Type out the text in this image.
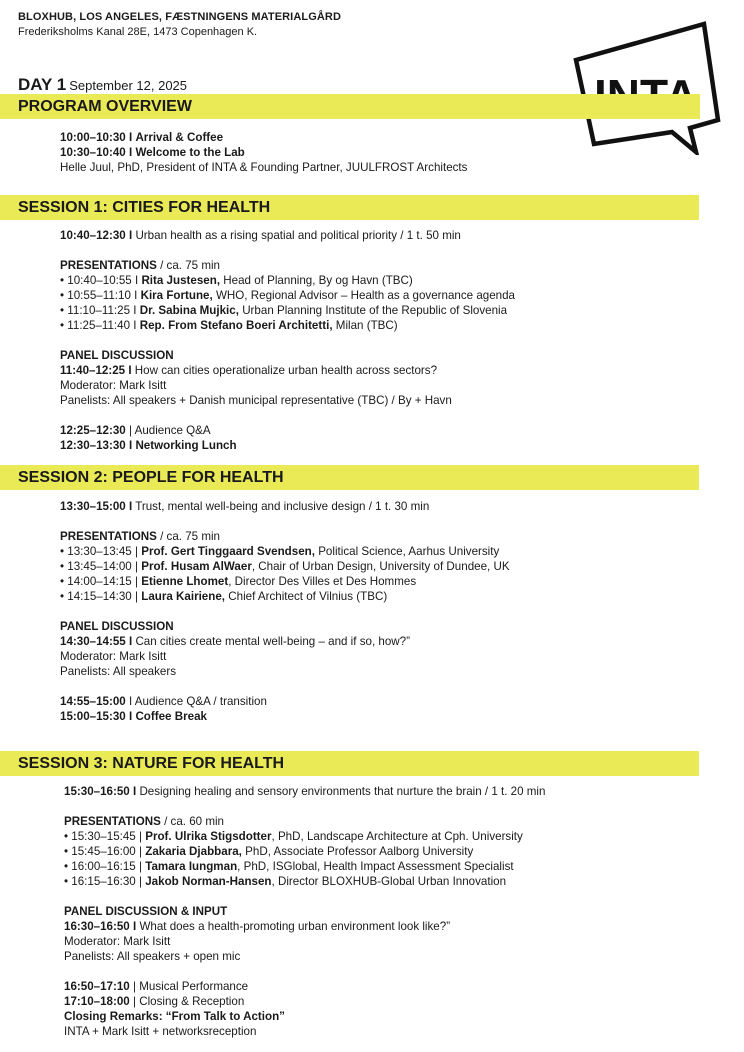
BLOXHUB, LOS ANGELES, FÆSTNINGENS MATERIALGÅRD
Frederiksholms Kanal 28E, 1473 Copenhagen K.
DAY 1 September 12, 2025
PROGRAM OVERVIEW
10:00–10:30 I Arrival & Coffee
10:30–10:40 I Welcome to the Lab
Helle Juul, PhD, President of INTA & Founding Partner, JUULFROST Architects
SESSION 1: CITIES FOR HEALTH
10:40–12:30 I Urban health as a rising spatial and political priority / 1 t. 50 min
PRESENTATIONS / ca. 75 min
• 10:40–10:55 I Rita Justesen, Head of Planning, By og Havn (TBC)
• 10:55–11:10 I Kira Fortune, WHO, Regional Advisor – Health as a governance agenda
• 11:10–11:25 I Dr. Sabina Mujkic, Urban Planning Institute of the Republic of Slovenia
• 11:25–11:40 I Rep. From Stefano Boeri Architetti, Milan (TBC)
PANEL DISCUSSION
11:40–12:25 I How can cities operationalize urban health across sectors?
Moderator: Mark Isitt
Panelists: All speakers + Danish municipal representative (TBC) / By + Havn
12:25–12:30 | Audience Q&A
12:30–13:30 I Networking Lunch
SESSION 2: PEOPLE FOR HEALTH
13:30–15:00 I Trust, mental well-being and inclusive design / 1 t. 30 min
PRESENTATIONS / ca. 75 min
• 13:30–13:45 | Prof. Gert Tinggaard Svendsen, Political Science, Aarhus University
• 13:45–14:00 | Prof. Husam AlWaer, Chair of Urban Design, University of Dundee, UK
• 14:00–14:15 | Etienne Lhomet, Director Des Villes et Des Hommes
• 14:15–14:30 | Laura Kairiene, Chief Architect of Vilnius (TBC)
PANEL DISCUSSION
14:30–14:55 I Can cities create mental well-being – and if so, how?”
Moderator: Mark Isitt
Panelists: All speakers
14:55–15:00 I Audience Q&A / transition
15:00–15:30 I Coffee Break
SESSION 3: NATURE FOR HEALTH
15:30–16:50 I Designing healing and sensory environments that nurture the brain / 1 t. 20 min
PRESENTATIONS / ca. 60 min
• 15:30–15:45 | Prof. Ulrika Stigsdotter, PhD, Landscape Architecture at Cph. University
• 15:45–16:00 | Zakaria Djabbara, PhD, Associate Professor Aalborg University
• 16:00–16:15 | Tamara Iungman, PhD, ISGlobal, Health Impact Assessment Specialist
• 16:15–16:30 | Jakob Norman-Hansen, Director BLOXHUB-Global Urban Innovation
PANEL DISCUSSION & INPUT
16:30–16:50 I What does a health-promoting urban environment look like?”
Moderator: Mark Isitt
Panelists: All speakers + open mic
16:50–17:10 | Musical Performance
17:10–18:00 | Closing & Reception
Closing Remarks: “From Talk to Action”
INTA + Mark Isitt + networksreception
